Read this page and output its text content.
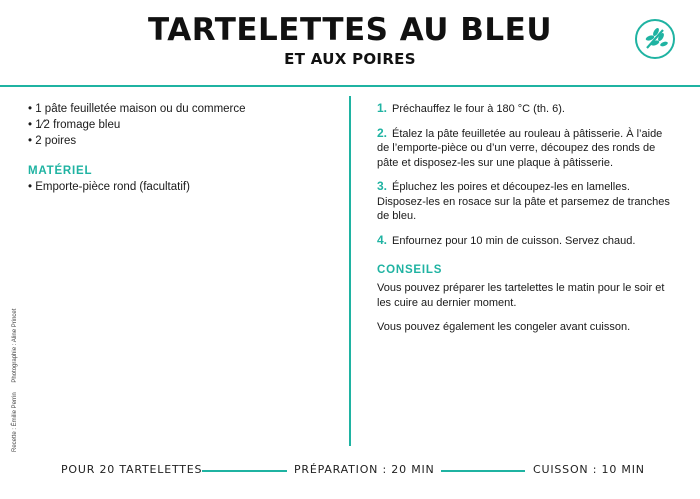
TARTELETTES AU BLEU
ET AUX POIRES

• 1 pâte feuilletée maison ou du commerce

• 1⁄2 fromage bleu

• 2 poires

MATÉRIEL

• Emporte-pièce rond (facultatif)

1. Préchauffez le four à 180 °C (th. 6).

2. Étalez la pâte feuilletée au rouleau à pâtisserie. À l’aide de l’emporte-pièce ou d’un verre, découpez des ronds de pâte et disposez-les sur une plaque à pâtisserie.

3. Épluchez les poires et découpez-les en lamelles. Disposez-les en rosace sur la pâte et parsemez de tranches de bleu.

4. Enfournez pour 10 min de cuisson. Servez chaud.

CONSEILS

Vous pouvez préparer les tartelettes le matin pour le soir et les cuire au dernier moment.

Vous pouvez également les congeler avant cuisson.

Recette : Émilie Perrin Photographie : Aline Princet
POUR 20 TARTELETTES	PRÉPARATION : 20 MIN	CUISSON : 10 MIN
